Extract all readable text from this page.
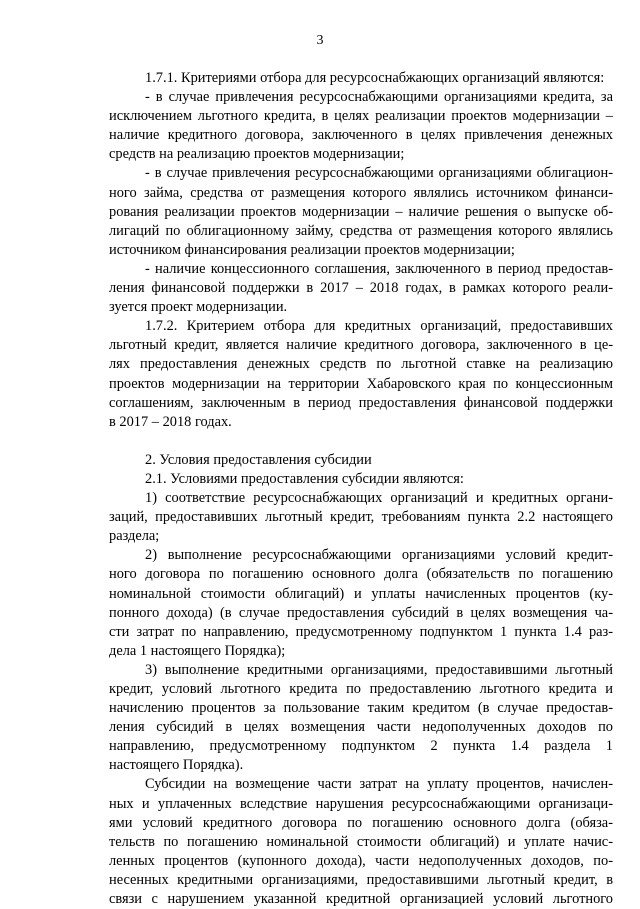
3
1.7.1. Критериями отбора для ресурсоснабжающих организаций являются:
- в случае привлечения ресурсоснабжающими организациями кредита, за
исключением льготного кредита, в целях реализации проектов модернизации –
наличие кредитного договора, заключенного в целях привлечения денежных
средств на реализацию проектов модернизации;
- в случае привлечения ресурсоснабжающими организациями облигацион-
ного займа, средства от размещения которого являлись источником финанси-
рования реализации проектов модернизации – наличие решения о выпуске об-
лигаций по облигационному займу, средства от размещения которого являлись
источником финансирования реализации проектов модернизации;
- наличие концессионного соглашения, заключенного в период предостав-
ления финансовой поддержки в 2017 – 2018 годах, в рамках которого реали-
зуется проект модернизации.
1.7.2. Критерием отбора для кредитных организаций, предоставивших
льготный кредит, является наличие кредитного договора, заключенного в це-
лях предоставления денежных средств по льготной ставке на реализацию
проектов модернизации на территории Хабаровского края по концессионным
соглашениям, заключенным в период предоставления финансовой поддержки
в 2017 – 2018 годах.
2. Условия предоставления субсидии
2.1. Условиями предоставления субсидии являются:
1) соответствие ресурсоснабжающих организаций и кредитных органи-
заций, предоставивших льготный кредит, требованиям пункта 2.2 настоящего
раздела;
2) выполнение ресурсоснабжающими организациями условий кредит-
ного договора по погашению основного долга (обязательств по погашению
номинальной стоимости облигаций) и уплаты начисленных процентов (ку-
понного дохода) (в случае предоставления субсидий в целях возмещения ча-
сти затрат по направлению, предусмотренному подпунктом 1 пункта 1.4 раз-
дела 1 настоящего Порядка);
3) выполнение кредитными организациями, предоставившими льготный
кредит, условий льготного кредита по предоставлению льготного кредита и
начислению процентов за пользование таким кредитом (в случае предостав-
ления субсидий в целях возмещения части недополученных доходов по
направлению, предусмотренному подпунктом 2 пункта 1.4 раздела 1
настоящего Порядка).
Субсидии на возмещение части затрат на уплату процентов, начислен-
ных и уплаченных вследствие нарушения ресурсоснабжающими организаци-
ями условий кредитного договора по погашению основного долга (обяза-
тельств по погашению номинальной стоимости облигаций) и уплате начис-
ленных процентов (купонного дохода), части недополученных доходов, по-
несенных кредитными организациями, предоставившими льготный кредит, в
связи с нарушением указанной кредитной организацией условий льготного
